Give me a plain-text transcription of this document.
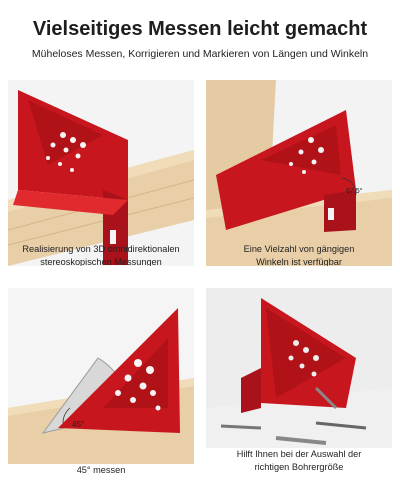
Vielseitiges Messen leicht gemacht
Müheloses Messen, Korrigieren und Markieren von Längen und Winkeln
Realisierung von 3D omnidirektionalen
stereoskopischen Messungen
67.5°
Eine Vielzahl von gängigen
Winkeln ist verfügbar
45°
45° messen
Hilft Ihnen bei der Auswahl der
richtigen Bohrergröße
